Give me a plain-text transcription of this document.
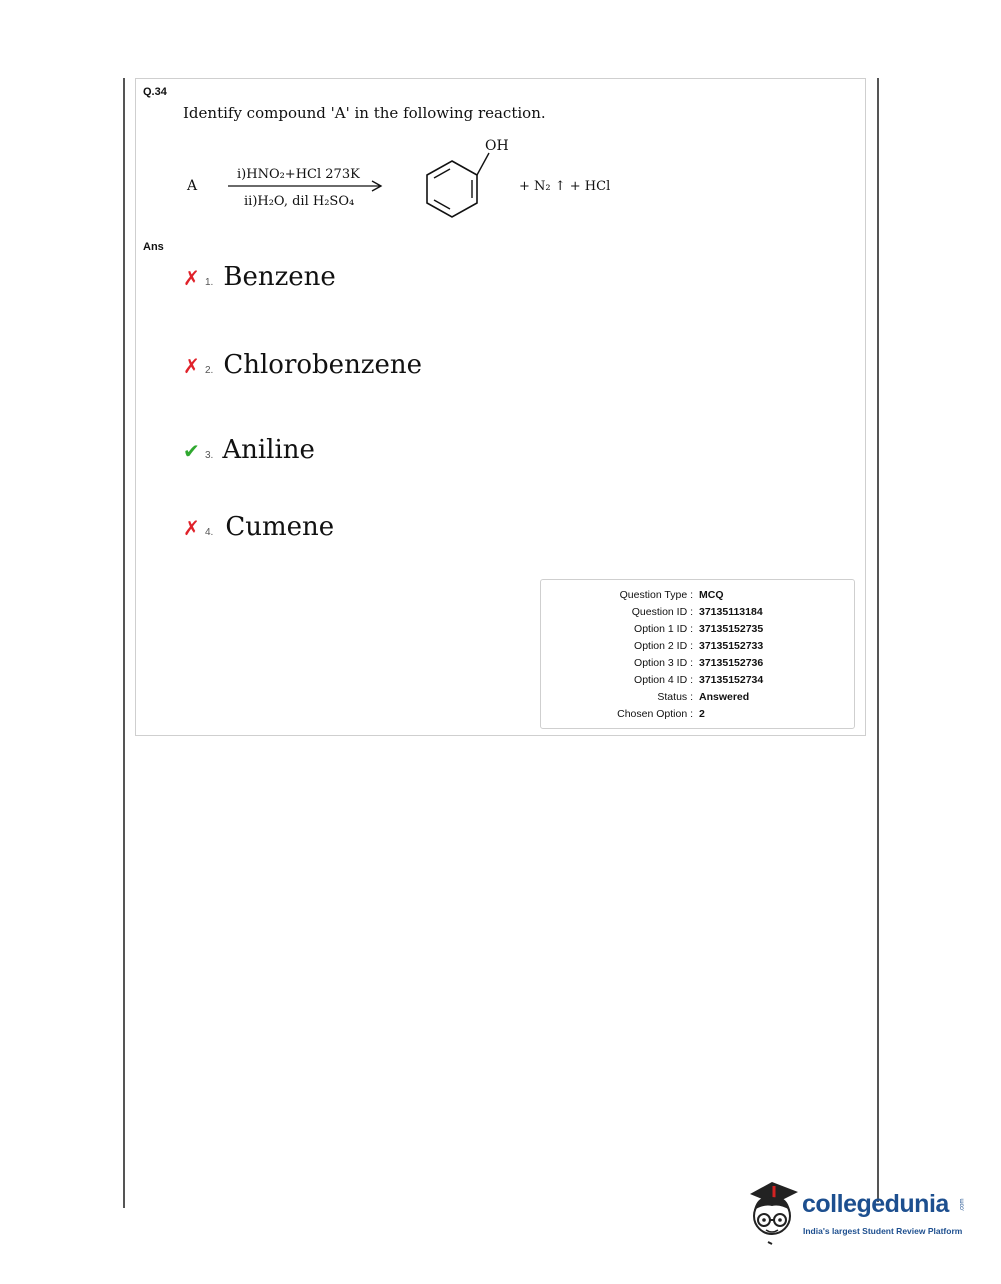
Q.34
Identify compound 'A' in the following reaction.
A
i)HNO₂+HCl 273K
ii)H₂O, dil H₂SO₄
OH
+ N₂ ↑ + HCl
Ans
✗ 1. Benzene
✗ 2. Chlorobenzene
✔ 3. Aniline
✗ 4. Cumene
Question Type : MCQ
Question ID : 37135113184
Option 1 ID : 37135152735
Option 2 ID : 37135152733
Option 3 ID : 37135152736
Option 4 ID : 37135152734
Status : Answered
Chosen Option : 2
collegedunia .com
India's largest Student Review Platform
